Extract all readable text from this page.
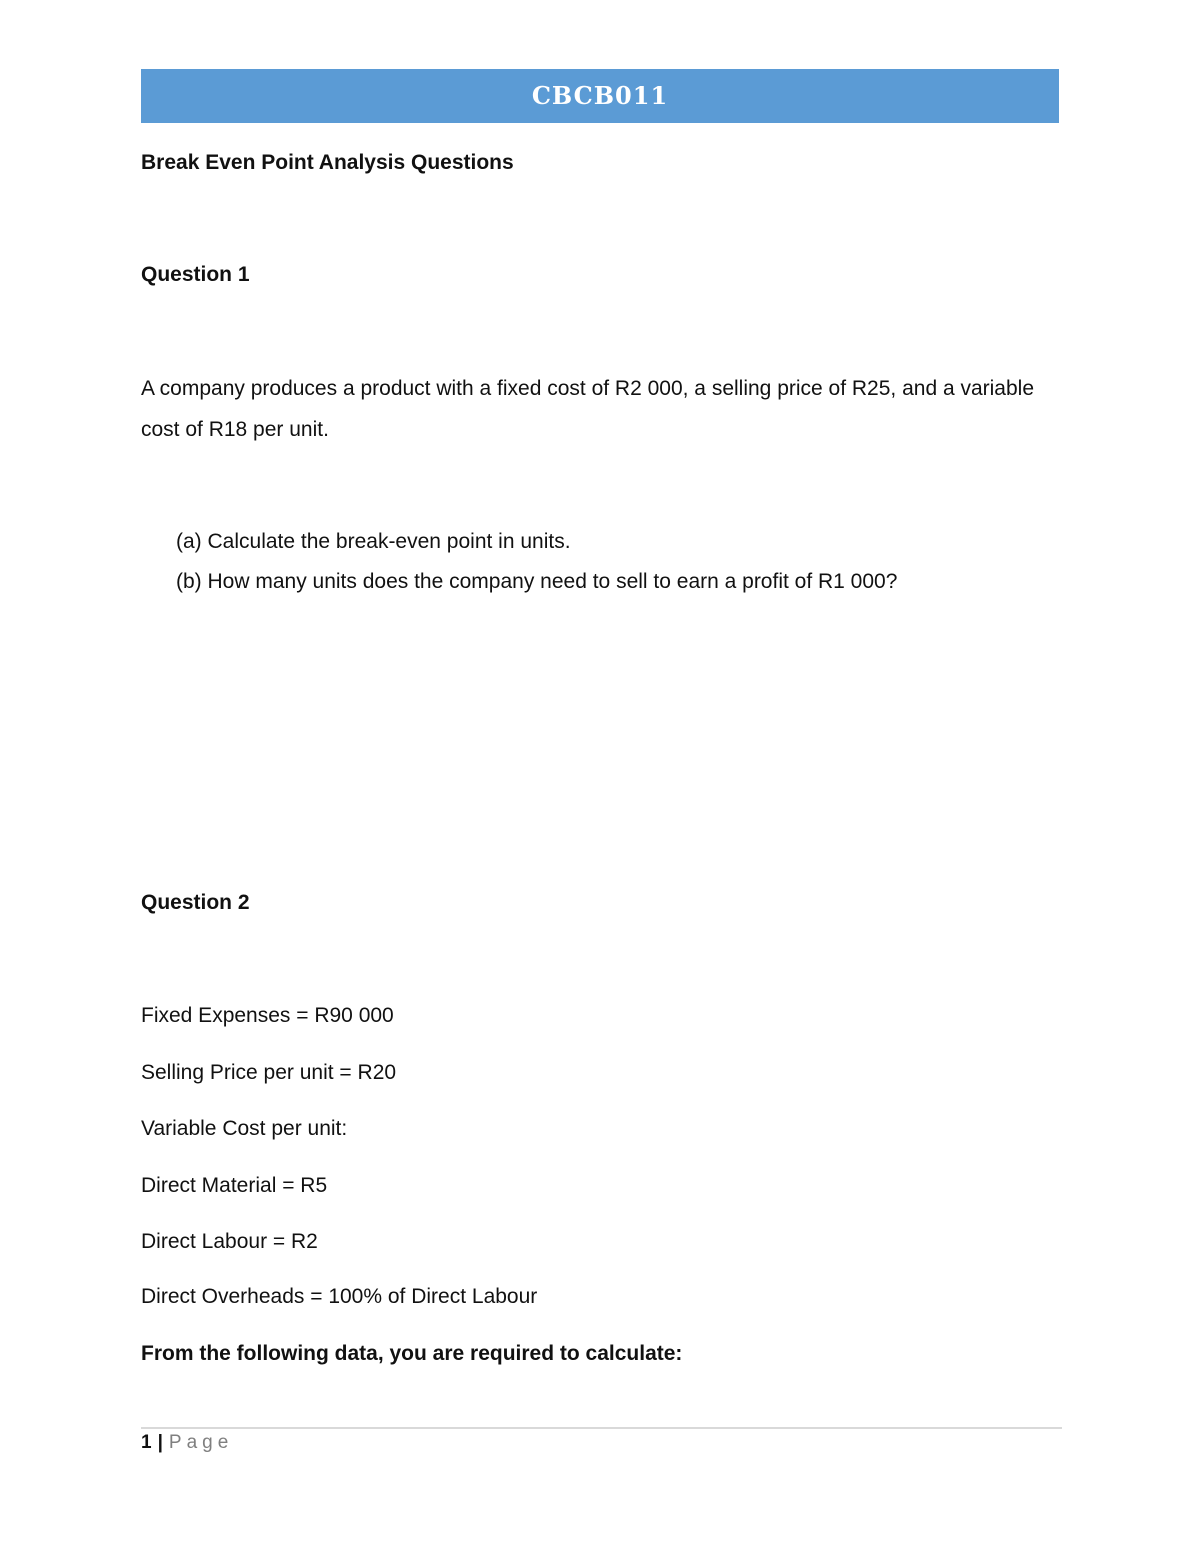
CBCB011
Break Even Point Analysis Questions
Question 1

A company produces a product with a fixed cost of R2 000, a selling price of R25, and a variable cost of R18 per unit.

(a) Calculate the break-even point in units.
(b) How many units does the company need to sell to earn a profit of R1 000?
Question 2
Fixed Expenses = R90 000
Selling Price per unit = R20
Variable Cost per unit:
Direct Material = R5
Direct Labour = R2
Direct Overheads = 100% of Direct Labour
From the following data, you are required to calculate:
1 | Page
